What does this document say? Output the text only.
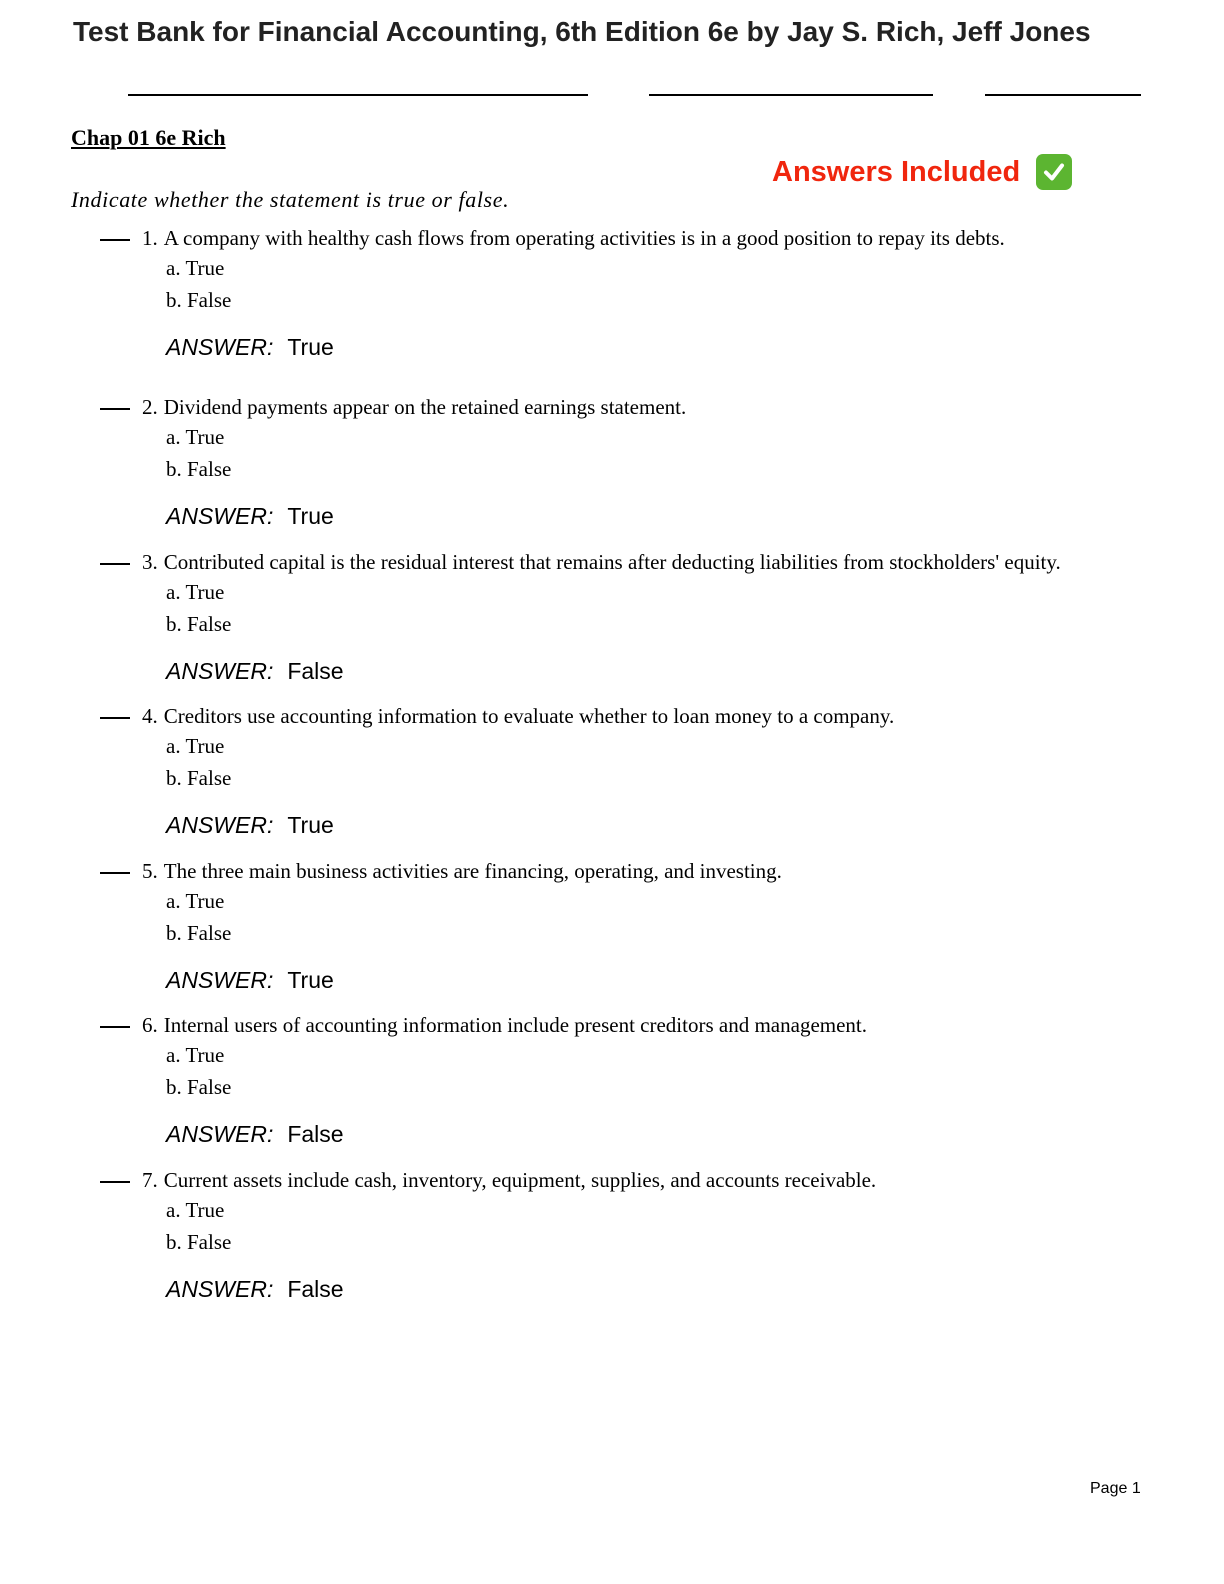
Test Bank for Financial Accounting, 6th Edition 6e by Jay S. Rich, Jeff Jones
Chap 01 6e Rich
Answers Included

Indicate whether the statement is true or false.

1. A company with healthy cash flows from operating activities is in a good position to repay its debts.
a. True
b. False
ANSWER: True
2. Dividend payments appear on the retained earnings statement.
a. True
b. False
ANSWER: True
3. Contributed capital is the residual interest that remains after deducting liabilities from stockholders' equity.
a. True
b. False
ANSWER: False
4. Creditors use accounting information to evaluate whether to loan money to a company.
a. True
b. False
ANSWER: True
5. The three main business activities are financing, operating, and investing.
a. True
b. False
ANSWER: True
6. Internal users of accounting information include present creditors and management.
a. True
b. False
ANSWER: False
7. Current assets include cash, inventory, equipment, supplies, and accounts receivable.
a. True
b. False
ANSWER: False
Page 1
